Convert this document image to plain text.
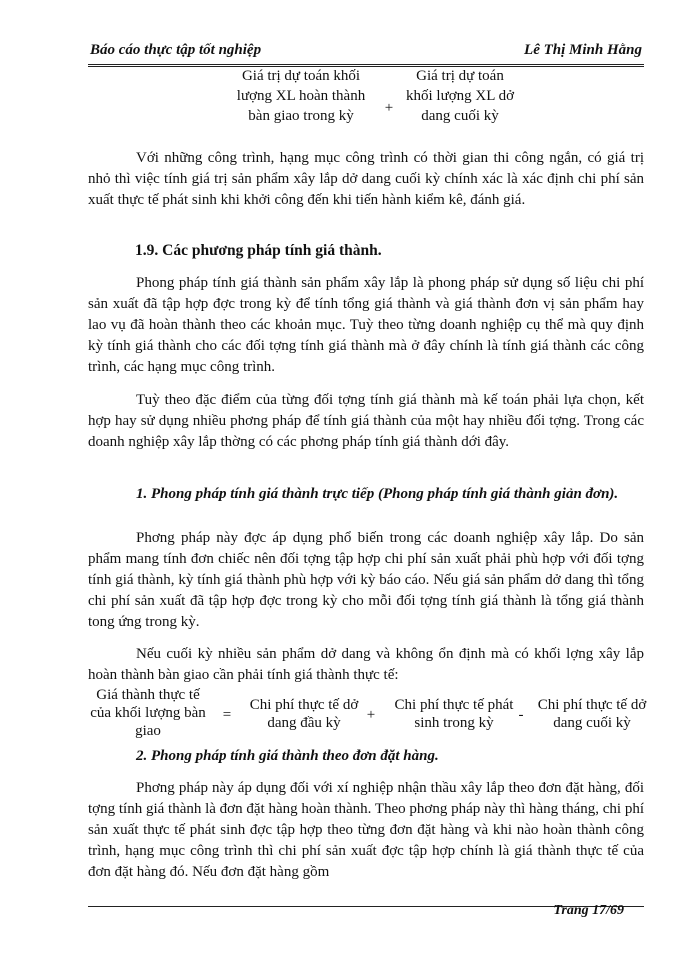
Báo cáo thực tập tốt nghiệp	Lê Thị Minh Hằng
Giá trị dự toán khối lượng XL hoàn thành bàn giao trong kỳ	+
Giá trị dự toán khối lượng XL dở dang cuối kỳ
Với những công trình, hạng mục công trình có thời gian thi công ngắn, có giá trị nhỏ thì việc tính giá trị sản phẩm xây lắp dở dang cuối kỳ chính xác là xác định chi phí sản xuất thực tế phát sinh khi khởi công đến khi tiến hành kiểm kê, đánh giá.
1.9. Các phương pháp tính giá thành.
Phong pháp tính giá thành sản phẩm xây lắp là phong pháp sử dụng số liệu chi phí sản xuất đã tập hợp đợc trong kỳ để tính tổng giá thành và giá thành đơn vị sản phẩm hay lao vụ đã hoàn thành theo các khoản mục. Tuỳ theo từng doanh nghiệp cụ thể mà quy định kỳ tính giá thành cho các đối tợng tính giá thành mà ở đây chính là tính giá thành các công trình, các hạng mục công trình.
Tuỳ theo đặc điểm của từng đối tợng tính giá thành mà kế toán phải lựa chọn, kết hợp hay sử dụng nhiều phơng pháp để tính giá thành của một hay nhiều đối tợng. Trong các doanh nghiệp xây lắp thờng có các phơng pháp tính giá thành dới đây.
1. Phong pháp tính giá thành trực tiếp (Phong pháp tính giá thành giản đơn).
Phơng pháp này đợc áp dụng phổ biến trong các doanh nghiệp xây lắp. Do sản phẩm mang tính đơn chiếc nên đối tợng tập hợp chi phí sản xuất phải phù hợp với đối tợng tính giá thành, kỳ tính giá thành phù hợp với kỳ báo cáo. Nếu giá sản phẩm dở dang thì tổng chi phí sản xuất đã tập hợp đợc trong kỳ cho mỗi đối tợng tính giá thành là tổng giá thành tong ứng trong kỳ.
Nếu cuối kỳ nhiều sản phẩm dở dang và không ổn định mà có khối lợng xây lắp hoàn thành bàn giao cần phải tính giá thành thực tế:
Giá thành thực tế của khối lượng bàn giao
=
Chi phí thực tế dở dang đầu kỳ	+
Chi phí thực tế phát sinh trong kỳ	-
Chi phí thực tế dở dang cuối kỳ
2. Phong pháp tính giá thành theo đơn đặt hàng.
Phơng pháp này áp dụng đối với xí nghiệp nhận thầu xây lắp theo đơn đặt hàng, đối tợng tính giá thành là đơn đặt hàng hoàn thành. Theo phơng pháp này thì hàng tháng, chi phí sản xuất thực tế phát sinh đợc tập hợp theo từng đơn đặt hàng và khi nào hoàn thành công trình, hạng mục công trình thì chi phí sản xuất đợc tập hợp chính là giá thành thực tế của đơn đặt hàng đó. Nếu đơn đặt hàng gồm
Trang 17/69
